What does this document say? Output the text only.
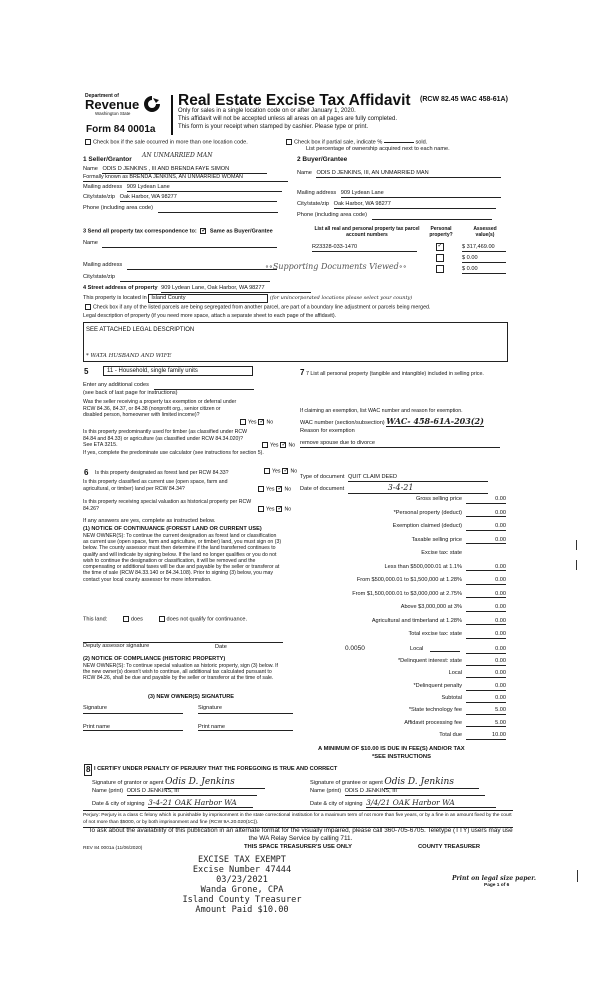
Department of
Revenue
Washington State
Form 84 0001a
Real Estate Excise Tax Affidavit (RCW 82.45 WAC 458-61A)
Only for sales in a single location code on or after January 1, 2020.
This affidavit will not be accepted unless all areas on all pages are fully completed.
This form is your receipt when stamped by cashier. Please type or print.
Check box if the sale occurred in more than one location code.	Check box if partial sale, indicate %	sold.
List percentage of ownership acquired next to each name.
1 Seller/Grantor
AN UNMARRIED MAN
Name ODIS D JENKINS , III AND BRENDA FAYE SIMON
Formally known as BRENDA JENKINS, AN UNMARRIED WOMAN
Mailing address 909 Lydean Lane
City/state/zip Oak Harbor, WA 98277
Phone (including area code)
2 Buyer/Grantee
Name ODIS D JENKINS, III, AN UNMARRIED MAN
Mailing address 909 Lydean Lane
City/state/zip Oak Harbor, WA 98277
Phone (including area code)
3 Send all property tax correspondence to: ✓ Same as Buyer/Grantee
Name
Mailing address
City/state/zip
List all real and personal property tax parcel account numbers
Personal property?
Assessed value(s)
R23328-033-1470	✓	$ 317,469.00
$ 0.00
$ 0.00
∘∘Supporting Documents Viewed∘∘
4 Street address of property 909 Lydean Lane, Oak Harbor, WA 98277
This property is located in Island County	(for unincorporated locations please select your county)
Check box if any of the listed parcels are being segregated from another parcel, are part of a boundary line adjustment or parcels being merged.
Legal description of property (if you need more space, attach a separate sheet to each page of the affidavit).
SEE ATTACHED LEGAL DESCRIPTION
* WATA HUSBAND AND WIFE
5	11 - Household, single family units
Enter any additional codes
(see back of last page for instructions)
Was the seller receiving a property tax exemption or deferral under RCW 84.36, 84.37, or 84.38 (nonprofit org., senior citizen or disabled person, homeowner with limited income)?
Yes ✓ No
Is this property predominantly used for timber (as classified under RCW 84.84 and 84.33) or agriculture (as classified under RCW 84.34.020)? See ETA 3215.	Yes ✓ No
If yes, complete the predominate use calculator (see instructions for section 5).
6 Is this property designated as forest land per RCW 84.33?	Yes ✓ No
Is this property classified as current use (open space, farm and agricultural, or timber) land per RCW 84.34?	Yes ✓ No
Is this property receiving special valuation as historical property per RCW 84.26?	Yes ✓ No
If any answers are yes, complete as instructed below.
(1) NOTICE OF CONTINUANCE (FOREST LAND OR CURRENT USE)
NEW OWNER(S): To continue the current designation as forest land or classification as current use (open space, farm and agriculture, or timber) land, you must sign on (3) below. The county assessor must then determine if the land transferred continues to qualify and will indicate by signing below. If the land no longer qualifies or you do not wish to continue the designation or classification, it will be removed and the compensating or additional taxes will be due and payable by the seller or transferor at the time of sale (RCW 84.33.140 or 84.34.108). Prior to signing (3) below, you may contact your local county assessor for more information.
This land:	does	does not qualify for continuance.
Deputy assessor signature	Date
(2) NOTICE OF COMPLIANCE (HISTORIC PROPERTY)
NEW OWNER(S): To continue special valuation as historic property, sign (3) below. If the new owner(s) doesn't wish to continue, all additional tax calculated pursuant to RCW 84.26, shall be due and payable by the seller or transferor at the time of sale.
(3) NEW OWNER(S) SIGNATURE
Signature	Signature
Print name	Print name
7 7 List all personal property (tangible and intangible) included in selling price.
If claiming an exemption, list WAC number and reason for exemption.
WAC number (section/subsection) WAC- 458-61A-203(2)
Reason for exemption
remove spouse due to divorce
Type of document QUIT CLAIM DEED
Date of document	3-4-21
Gross selling price	0.00
*Personal property (deduct)	0.00
Exemption claimed (deduct)	0.00
Taxable selling price	0.00
Excise tax: state
Less than $500,000.01 at 1.1%	0.00
From $500,000.01 to $1,500,000 at 1.28%	0.00
From $1,500,000.01 to $3,000,000 at 2.75%	0.00
Above $3,000,000 at 3%	0.00
Agricultural and timberland at 1.28%	0.00
Total excise tax: state	0.00
0.0050	Local	0.00
*Delinquent interest: state	0.00
Local	0.00
*Delinquent penalty	0.00
Subtotal	0.00
*State technology fee	5.00
Affidavit processing fee	5.00
Total due	10.00
A MINIMUM OF $10.00 IS DUE IN FEE(S) AND/OR TAX
*SEE INSTRUCTIONS
8 I CERTIFY UNDER PENALTY OF PERJURY THAT THE FOREGOING IS TRUE AND CORRECT
Signature of grantor or agent Odis D. Jenkins
Name (print) ODIS D JENKINS, III
Date & city of signing 3-4-21 OAK Harbor WA
Signature of grantee or agent Odis D. Jenkins
Name (print) ODIS D JENKINS, III
Date & city of signing 3/4/21 OAK Harbor WA
Perjury: Perjury is a class C felony which is punishable by imprisonment in the state correctional institution for a maximum term of not more than five years, or by a fine in an amount fixed by the court of not more than $5000, or by both imprisonment and fine (RCW 9A.20.020(1C)).
To ask about the availability of this publication in an alternate format for the visually impaired, please call 360-705-6705. Teletype (TTY) users may use the WA Relay Service by calling 711.
REV 84 0001a (11/06/2020)	THIS SPACE TREASURER'S USE ONLY	COUNTY TREASURER
Print on legal size paper.
Page 1 of 6
EXCISE TAX EXEMPT
Excise Number 47444
03/23/2021
Wanda Grone, CPA
Island County Treasurer
Amount Paid $10.00
